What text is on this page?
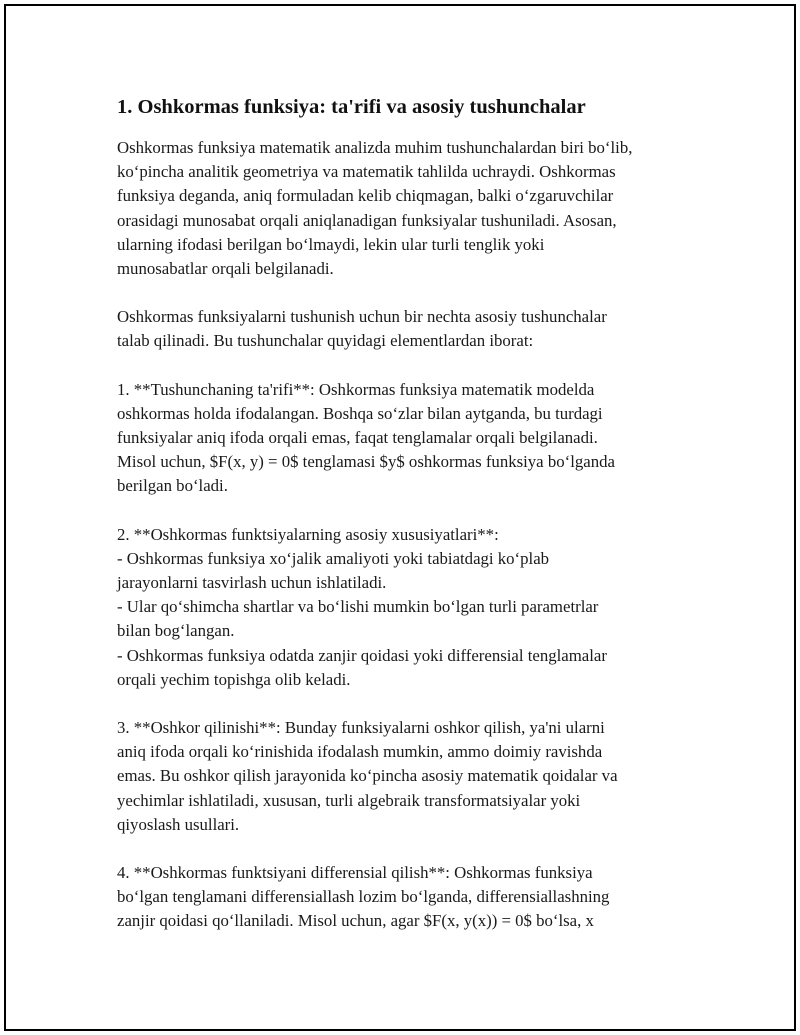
1. Oshkormas funksiya: ta'rifi va asosiy tushunchalar

Oshkormas funksiya matematik analizda muhim tushunchalardan biri bo‘lib,
ko‘pincha analitik geometriya va matematik tahlilda uchraydi. Oshkormas
funksiya deganda, aniq formuladan kelib chiqmagan, balki o‘zgaruvchilar
orasidagi munosabat orqali aniqlanadigan funksiyalar tushuniladi. Asosan,
ularning ifodasi berilgan bo‘lmaydi, lekin ular turli tenglik yoki
munosabatlar orqali belgilanadi.

Oshkormas funksiyalarni tushunish uchun bir nechta asosiy tushunchalar
talab qilinadi. Bu tushunchalar quyidagi elementlardan iborat:

1. **Tushunchaning ta'rifi**: Oshkormas funksiya matematik modelda
oshkormas holda ifodalangan. Boshqa so‘zlar bilan aytganda, bu turdagi
funksiyalar aniq ifoda orqali emas, faqat tenglamalar orqali belgilanadi.
Misol uchun, $F(x, y) = 0$ tenglamasi $y$ oshkormas funksiya bo‘lganda
berilgan bo‘ladi.

2. **Oshkormas funktsiyalarning asosiy xususiyatlari**:
- Oshkormas funksiya xo‘jalik amaliyoti yoki tabiatdagi ko‘plab
jarayonlarni tasvirlash uchun ishlatiladi.
- Ular qo‘shimcha shartlar va bo‘lishi mumkin bo‘lgan turli parametrlar
bilan bog‘langan.
- Oshkormas funksiya odatda zanjir qoidasi yoki differensial tenglamalar
orqali yechim topishga olib keladi.

3. **Oshkor qilinishi**: Bunday funksiyalarni oshkor qilish, ya'ni ularni
aniq ifoda orqali ko‘rinishida ifodalash mumkin, ammo doimiy ravishda
emas. Bu oshkor qilish jarayonida ko‘pincha asosiy matematik qoidalar va
yechimlar ishlatiladi, xususan, turli algebraik transformatsiyalar yoki
qiyoslash usullari.

4. **Oshkormas funktsiyani differensial qilish**: Oshkormas funksiya
bo‘lgan tenglamani differensiallash lozim bo‘lganda, differensiallashning
zanjir qoidasi qo‘llaniladi. Misol uchun, agar $F(x, y(x)) = 0$ bo‘lsa, x
